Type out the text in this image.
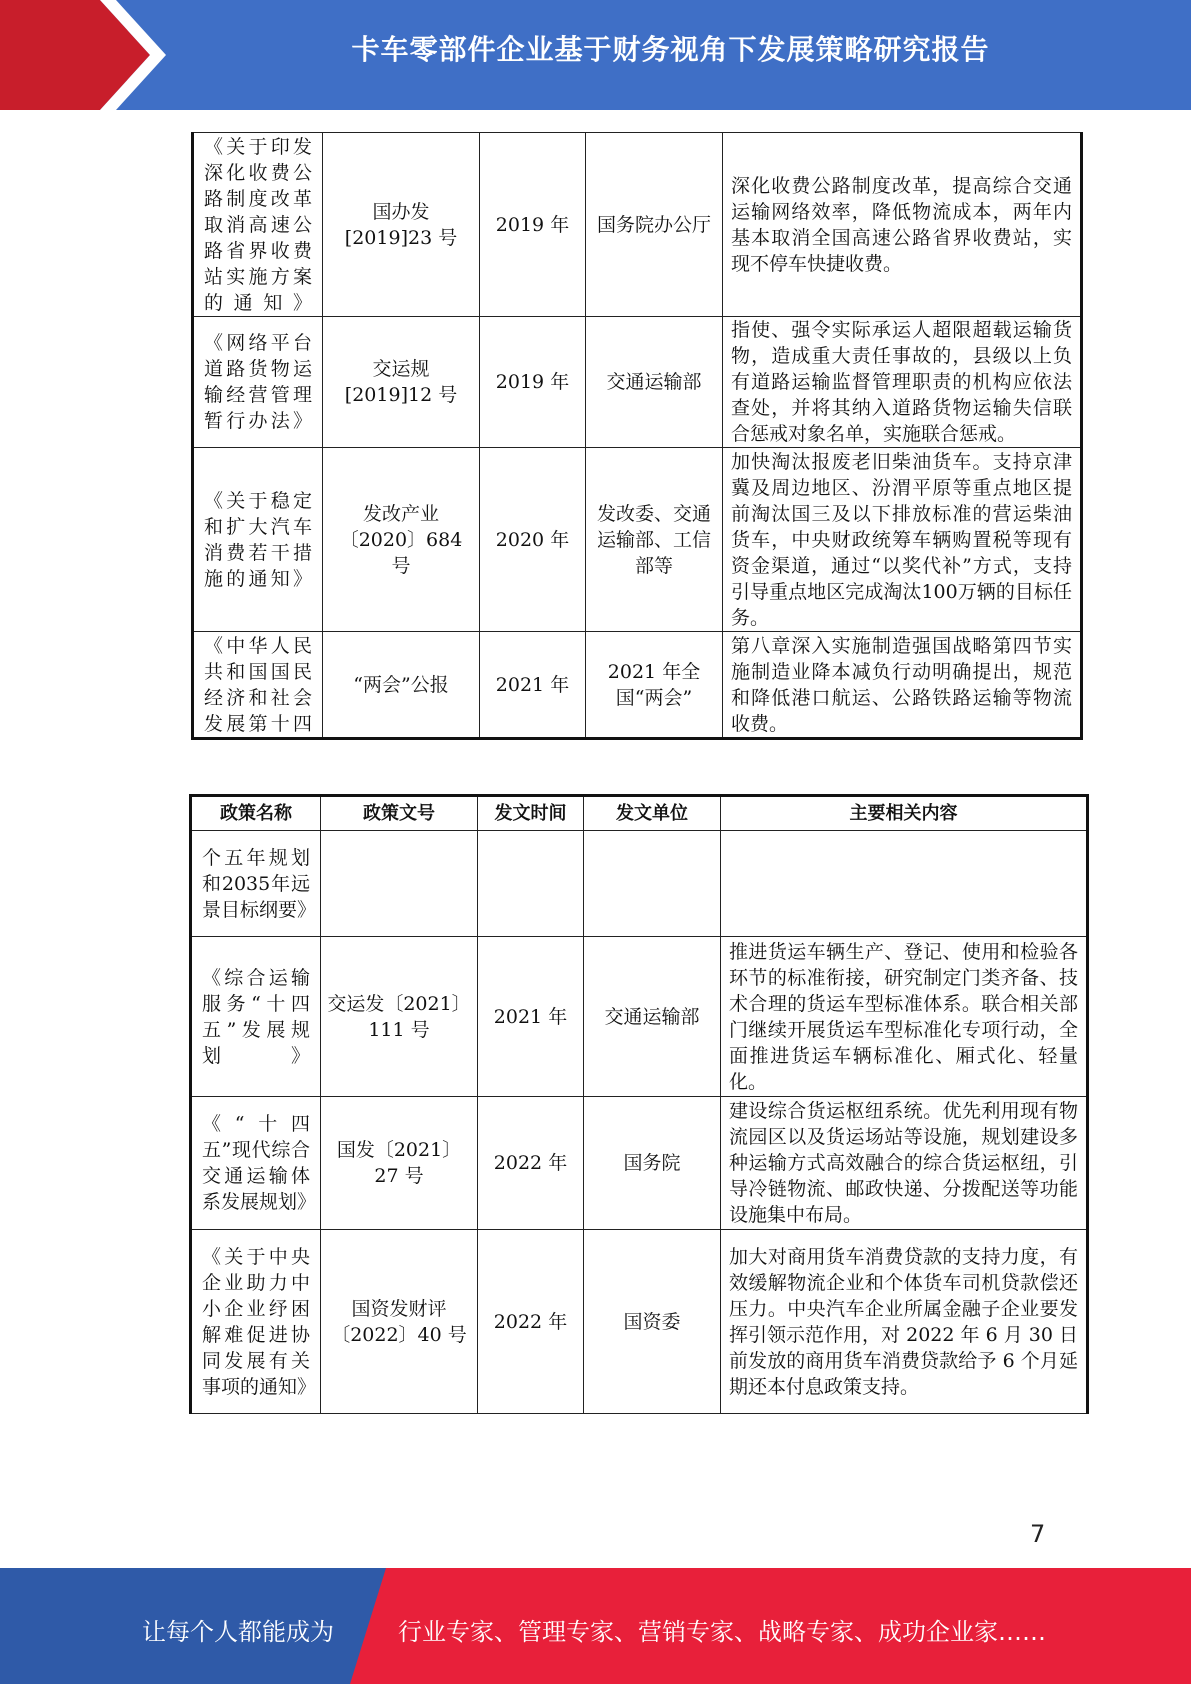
卡车零部件企业基于财务视角下发展策略研究报告
《关于印发深化收费公路制度改革取消高速公路省界收费站实施方案的通知》	国办发[2019]23 号	2019 年	国务院办公厅	深化收费公路制度改革，提高综合交通运输网络效率，降低物流成本，两年内基本取消全国高速公路省界收费站，实现不停车快捷收费。
《网络平台道路货物运输经营管理暂行办法》	交运规[2019]12 号	2019 年	交通运输部	指使、强令实际承运人超限超载运输货物，造成重大责任事故的，县级以上负有道路运输监督管理职责的机构应依法查处，并将其纳入道路货物运输失信联合惩戒对象名单，实施联合惩戒。
《关于稳定和扩大汽车消费若干措施的通知》	发改产业〔2020〕684 号	2020 年	发改委、交通运输部、工信部等	加快淘汰报废老旧柴油货车。支持京津冀及周边地区、汾渭平原等重点地区提前淘汰国三及以下排放标准的营运柴油货车，中央财政统筹车辆购置税等现有资金渠道，通过“以奖代补”方式，支持引导重点地区完成淘汰100万辆的目标任务。
《中华人民共和国国民经济和社会发展第十四	“两会”公报	2021 年	2021 年全国“两会”	第八章深入实施制造强国战略第四节实施制造业降本减负行动明确提出，规范和降低港口航运、公路铁路运输等物流收费。
政策名称	政策文号	发文时间	发文单位	主要相关内容
个五年规划和2035年远景目标纲要》				
《综合运输服务“十四五”发展规划》	交运发〔2021〕111 号	2021 年	交通运输部	推进货运车辆生产、登记、使用和检验各环节的标准衔接，研究制定门类齐备、技术合理的货运车型标准体系。联合相关部门继续开展货运车型标准化专项行动，全面推进货运车辆标准化、厢式化、轻量化。
《“十四五”现代综合交通运输体系发展规划》	国发〔2021〕27 号	2022 年	国务院	建设综合货运枢纽系统。优先利用现有物流园区以及货运场站等设施，规划建设多种运输方式高效融合的综合货运枢纽，引导冷链物流、邮政快递、分拨配送等功能设施集中布局。
《关于中央企业助力中小企业纾困解难促进协同发展有关事项的通知》	国资发财评〔2022〕40 号	2022 年	国资委	加大对商用货车消费贷款的支持力度，有效缓解物流企业和个体货车司机贷款偿还压力。中央汽车企业所属金融子企业要发挥引领示范作用，对 2022 年 6 月 30 日前发放的商用货车消费贷款给予 6 个月延期还本付息政策支持。
7
让每个人都能成为	行业专家、管理专家、营销专家、战略专家、成功企业家……
